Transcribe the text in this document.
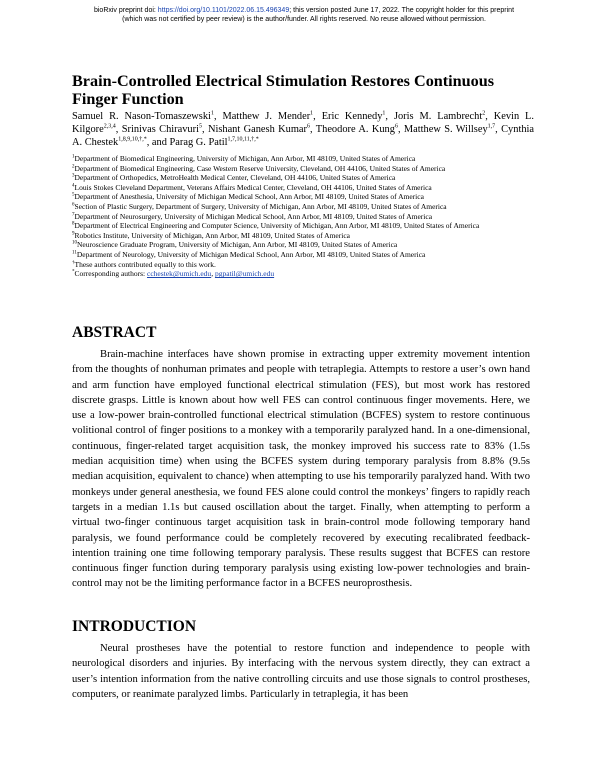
bioRxiv preprint doi: https://doi.org/10.1101/2022.06.15.496349; this version posted June 17, 2022. The copyright holder for this preprint
(which was not certified by peer review) is the author/funder. All rights reserved. No reuse allowed without permission.
Brain-Controlled Electrical Stimulation Restores Continuous Finger Function
Samuel R. Nason-Tomaszewski$^1$, Matthew J. Mender$^1$, Eric Kennedy$^1$, Joris M. Lambrecht$^2$, Kevin L. Kilgore$^{2,3,4}$, Srinivas Chiravuri$^5$, Nishant Ganesh Kumar$^6$, Theodore A. Kung$^6$, Matthew S. Willsey$^{1,7}$, Cynthia A. Chestek$^{1,8,9,10,\dagger,*}$, and Parag G. Patil$^{1,7,10,11,\dagger,*}$
$^1$Department of Biomedical Engineering, University of Michigan, Ann Arbor, MI 48109, United States of America
$^2$Department of Biomedical Engineering, Case Western Reserve University, Cleveland, OH 44106, United States of America
$^3$Department of Orthopedics, MetroHealth Medical Center, Cleveland, OH 44106, United States of America
$^4$Louis Stokes Cleveland Department, Veterans Affairs Medical Center, Cleveland, OH 44106, United States of America
$^5$Department of Anesthesia, University of Michigan Medical School, Ann Arbor, MI 48109, United States of America
$^6$Section of Plastic Surgery, Department of Surgery, University of Michigan, Ann Arbor, MI 48109, United States of America
$^7$Department of Neurosurgery, University of Michigan Medical School, Ann Arbor, MI 48109, United States of America
$^8$Department of Electrical Engineering and Computer Science, University of Michigan, Ann Arbor, MI 48109, United States of America
$^9$Robotics Institute, University of Michigan, Ann Arbor, MI 48109, United States of America
$^{10}$Neuroscience Graduate Program, University of Michigan, Ann Arbor, MI 48109, United States of America
$^{11}$Department of Neurology, University of Michigan Medical School, Ann Arbor, MI 48109, United States of America
†These authors contributed equally to this work.
*Corresponding authors: cchestek@umich.edu, pgpatil@umich.edu
ABSTRACT

Brain-machine interfaces have shown promise in extracting upper extremity movement intention from the thoughts of nonhuman primates and people with tetraplegia. Attempts to restore a user’s own hand and arm function have employed functional electrical stimulation (FES), but most work has restored discrete grasps. Little is known about how well FES can control continuous finger movements. Here, we use a low-power brain-controlled functional electrical stimulation (BCFES) system to restore continuous volitional control of finger positions to a monkey with a temporarily paralyzed hand. In a one-dimensional, continuous, finger-related target acquisition task, the monkey improved his success rate to 83% (1.5s median acquisition time) when using the BCFES system during temporary paralysis from 8.8% (9.5s median acquisition, equivalent to chance) when attempting to use his temporarily paralyzed hand. With two monkeys under general anesthesia, we found FES alone could control the monkeys’ fingers to rapidly reach targets in a median 1.1s but caused oscillation about the target. Finally, when attempting to perform a virtual two-finger continuous target acquisition task in brain-control mode following temporary hand paralysis, we found performance could be completely recovered by executing recalibrated feedback-intention training one time following temporary paralysis. These results suggest that BCFES can restore continuous finger function during temporary paralysis using existing low-power technologies and brain-control may not be the limiting performance factor in a BCFES neuroprosthesis.

INTRODUCTION

Neural prostheses have the potential to restore function and independence to people with neurological disorders and injuries. By interfacing with the nervous system directly, they can extract a user’s intention information from the native controlling circuits and use those signals to control prostheses, computers, or reanimate paralyzed limbs. Particularly in tetraplegia, it has been
